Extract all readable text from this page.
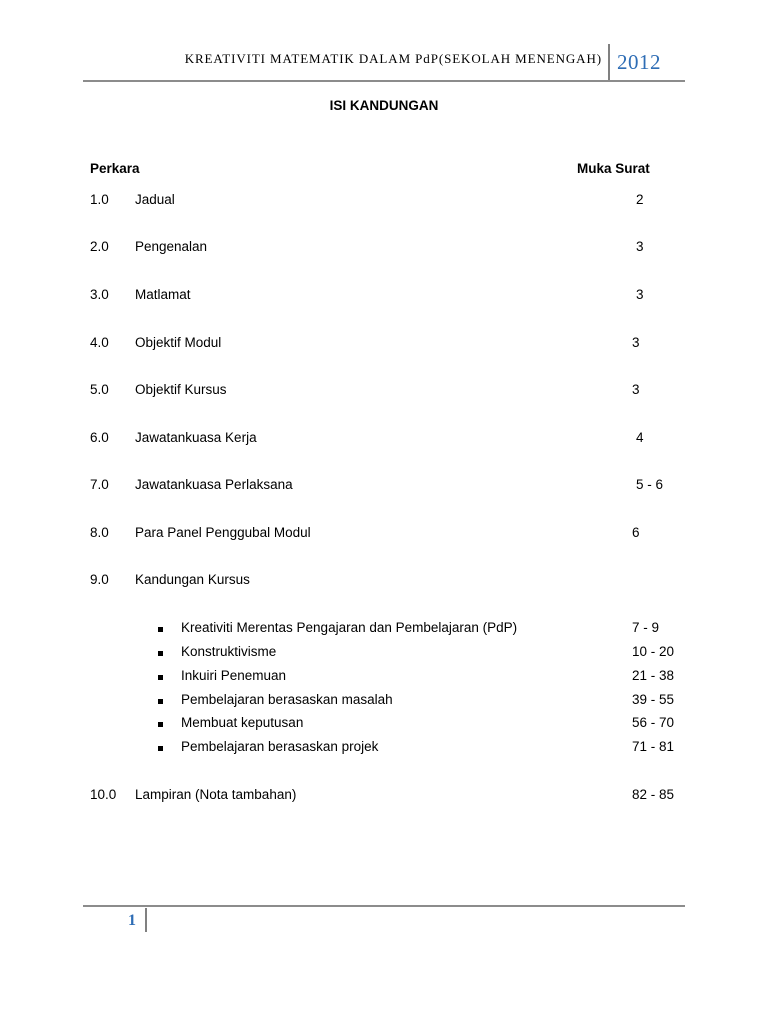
KREATIVITI MATEMATIK DALAM PdP(SEKOLAH MENENGAH) 2012
ISI KANDUNGAN
Perkara	Muka Surat
1.0 Jadual	2
2.0 Pengenalan	3
3.0 Matlamat	3
4.0 Objektif Modul	3
5.0 Objektif Kursus	3
6.0 Jawatankuasa Kerja	4
7.0 Jawatankuasa Perlaksana	5 - 6
8.0 Para Panel Penggubal Modul	6
9.0 Kandungan Kursus
Kreativiti Merentas Pengajaran dan Pembelajaran (PdP)	7 - 9
Konstruktivisme	10 - 20
Inkuiri Penemuan	21 - 38
Pembelajaran berasaskan masalah	39 - 55
Membuat keputusan	56 - 70
Pembelajaran berasaskan projek	71 - 81
10.0 Lampiran (Nota tambahan)	82 - 85
1
